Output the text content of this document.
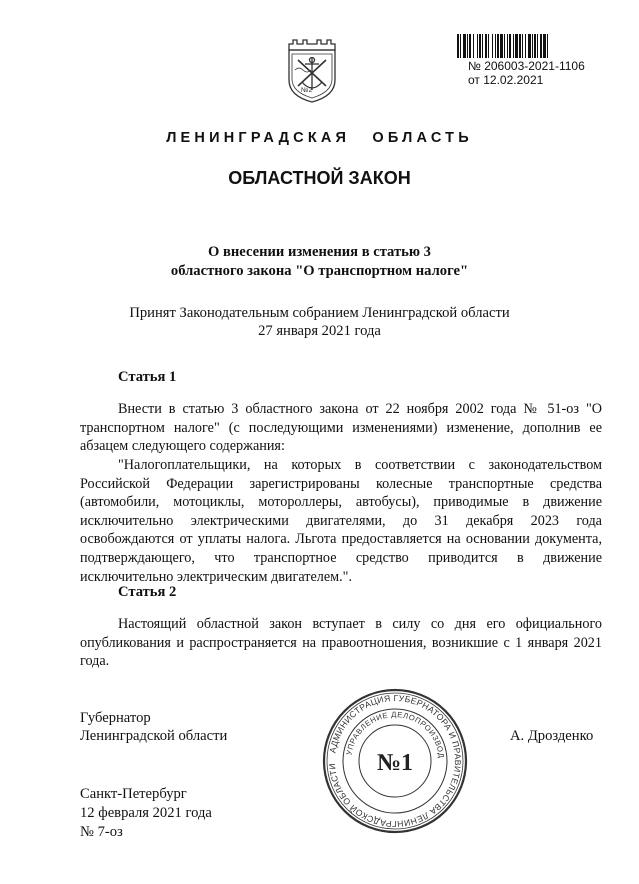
№2
№ 206003-2021-1106
от 12.02.2021
ЛЕНИНГРАДСКАЯ ОБЛАСТЬ
ОБЛАСТНОЙ ЗАКОН
О внесении изменения в статью 3
областного закона "О транспортном налоге"
Принят Законодательным собранием Ленинградской области
27 января 2021 года
Статья 1
Внести в статью 3 областного закона от 22 ноября 2002 года № 51-оз "О транспортном налоге" (с последующими изменениями) изменение, дополнив ее абзацем следующего содержания:
"Налогоплательщики, на которых в соответствии с законодательством Российской Федерации зарегистрированы колесные транспортные средства (автомобили, мотоциклы, мотороллеры, автобусы), приводимые в движение исключительно электрическими двигателями, до 31 декабря 2023 года освобождаются от уплаты налога. Льгота предоставляется на основании документа, подтверждающего, что транспортное средство приводится в движение исключительно электрическим двигателем.".
Статья 2
Настоящий областной закон вступает в силу со дня его официального опубликования и распространяется на правоотношения, возникшие с 1 января 2021 года.
Губернатор
Ленинградской области	А. Дрозденко
АДМИНИСТРАЦИЯ ГУБЕРНАТОРА И ПРАВИТЕЛЬСТВА ЛЕНИНГРАДСКОЙ ОБЛАСТИ
УПРАВЛЕНИЕ ДЕЛОПРОИЗВОД
№1
Санкт-Петербург
12 февраля 2021 года
№ 7-оз
